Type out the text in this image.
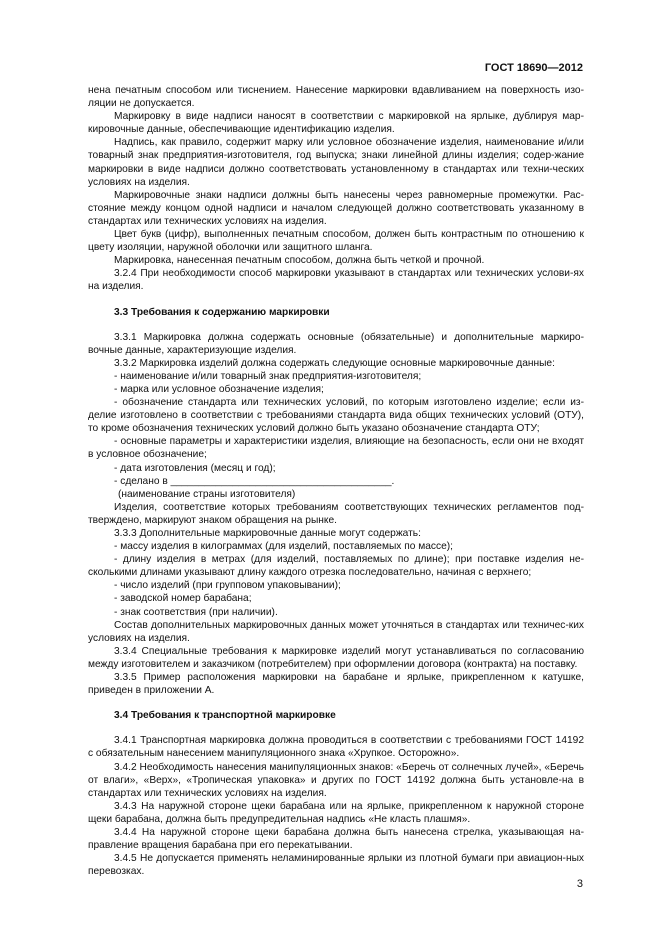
ГОСТ 18690—2012

нена печатным способом или тиснением. Нанесение маркировки вдавливанием на поверхность изо-ляции не допускается.

Маркировку в виде надписи наносят в соответствии с маркировкой на ярлыке, дублируя мар-кировочные данные, обеспечивающие идентификацию изделия.

Надпись, как правило, содержит марку или условное обозначение изделия, наименование и/или товарный знак предприятия-изготовителя, год выпуска; знаки линейной длины изделия; содер-жание маркировки в виде надписи должно соответствовать установленному в стандартах или техни-ческих условиях на изделия.

Маркировочные знаки надписи должны быть нанесены через равномерные промежутки. Рас-стояние между концом одной надписи и началом следующей должно соответствовать указанному в стандартах или технических условиях на изделия.

Цвет букв (цифр), выполненных печатным способом, должен быть контрастным по отношению к цвету изоляции, наружной оболочки или защитного шланга.

Маркировка, нанесенная печатным способом, должна быть четкой и прочной.

3.2.4 При необходимости способ маркировки указывают в стандартах или технических услови-ях на изделия.

3.3 Требования к содержанию маркировки

3.3.1 Маркировка должна содержать основные (обязательные) и дополнительные маркиро-вочные данные, характеризующие изделия.

3.3.2 Маркировка изделий должна содержать следующие основные маркировочные данные:

- наименование и/или товарный знак предприятия-изготовителя;

- марка или условное обозначение изделия;

- обозначение стандарта или технических условий, по которым изготовлено изделие; если из-делие изготовлено в соответствии с требованиями стандарта вида общих технических условий (ОТУ), то кроме обозначения технических условий должно быть указано обозначение стандарта ОТУ;

- основные параметры и характеристики изделия, влияющие на безопасность, если они не входят в условное обозначение;

- дата изготовления (месяц и год);

- сделано в _______________________________________.

(наименование страны изготовителя)

Изделия, соответствие которых требованиям соответствующих технических регламентов под-тверждено, маркируют знаком обращения на рынке.

3.3.3 Дополнительные маркировочные данные могут содержать:

- массу изделия в килограммах (для изделий, поставляемых по массе);

- длину изделия в метрах (для изделий, поставляемых по длине); при поставке изделия не-сколькими длинами указывают длину каждого отрезка последовательно, начиная с верхнего;

- число изделий (при групповом упаковывании);

- заводской номер барабана;

- знак соответствия (при наличии).

Состав дополнительных маркировочных данных может уточняться в стандартах или техничес-ких условиях на изделия.

3.3.4 Специальные требования к маркировке изделий могут устанавливаться по согласованию между изготовителем и заказчиком (потребителем) при оформлении договора (контракта) на поставку.

3.3.5 Пример расположения маркировки на барабане и ярлыке, прикрепленном к катушке, приведен в приложении А.

3.4 Требования к транспортной маркировке

3.4.1 Транспортная маркировка должна проводиться в соответствии с требованиями ГОСТ 14192 с обязательным нанесением манипуляционного знака «Хрупкое. Осторожно».

3.4.2 Необходимость нанесения манипуляционных знаков: «Беречь от солнечных лучей», «Беречь от влаги», «Верх», «Тропическая упаковка» и других по ГОСТ 14192 должна быть установле-на в стандартах или технических условиях на изделия.

3.4.3 На наружной стороне щеки барабана или на ярлыке, прикрепленном к наружной стороне щеки барабана, должна быть предупредительная надпись «Не класть плашмя».

3.4.4 На наружной стороне щеки барабана должна быть нанесена стрелка, указывающая на-правление вращения барабана при его перекатывании.

3.4.5 Не допускается применять неламинированные ярлыки из плотной бумаги при авиацион-ных перевозках.

3
